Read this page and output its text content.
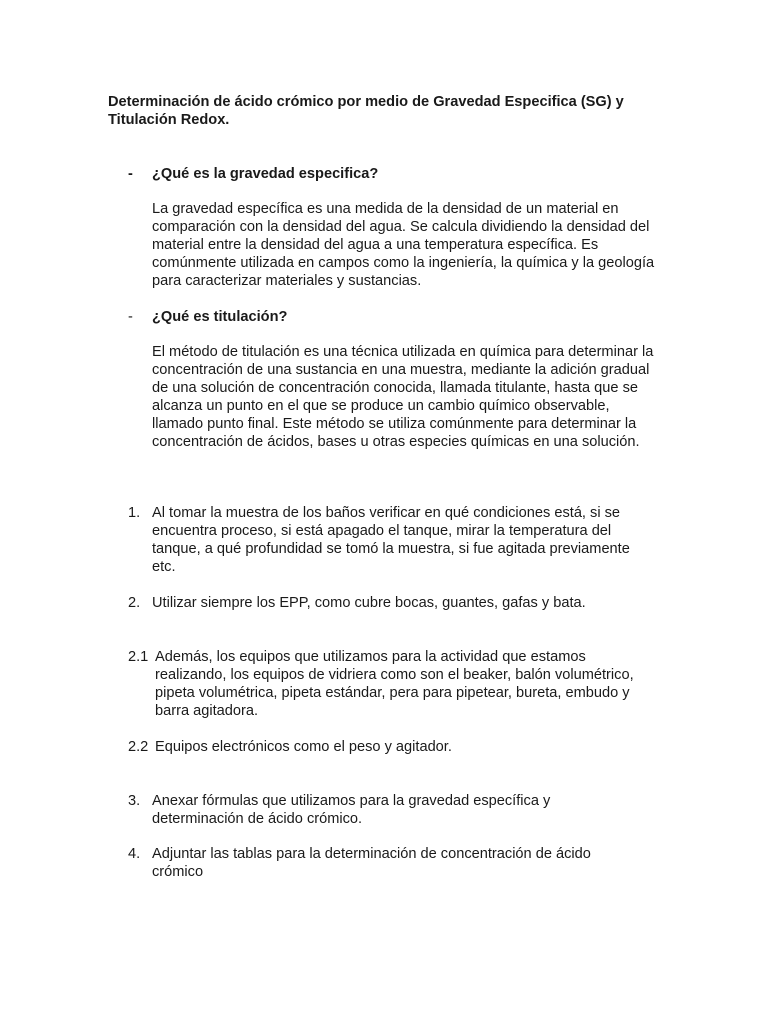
Determinación de ácido crómico por medio de Gravedad Especifica (SG) y Titulación Redox.

- ¿Qué es la gravedad especifica?

La gravedad específica es una medida de la densidad de un material en comparación con la densidad del agua. Se calcula dividiendo la densidad del material entre la densidad del agua a una temperatura específica. Es comúnmente utilizada en campos como la ingeniería, la química y la geología para caracterizar materiales y sustancias.

- ¿Qué es titulación?

El método de titulación es una técnica utilizada en química para determinar la concentración de una sustancia en una muestra, mediante la adición gradual de una solución de concentración conocida, llamada titulante, hasta que se alcanza un punto en el que se produce un cambio químico observable, llamado punto final. Este método se utiliza comúnmente para determinar la concentración de ácidos, bases u otras especies químicas en una solución.

1. Al tomar la muestra de los baños verificar en qué condiciones está, si se encuentra proceso, si está apagado el tanque, mirar la temperatura del tanque, a qué profundidad se tomó la muestra, si fue agitada previamente etc.

2. Utilizar siempre los EPP, como cubre bocas, guantes, gafas y bata.

2.1 Además, los equipos que utilizamos para la actividad que estamos realizando, los equipos de vidriera como son el beaker, balón volumétrico, pipeta volumétrica, pipeta estándar, pera para pipetear, bureta, embudo y barra agitadora.

2.2 Equipos electrónicos como el peso y agitador.

3. Anexar fórmulas que utilizamos para la gravedad específica y determinación de ácido crómico.

4. Adjuntar las tablas para la determinación de concentración de ácido crómico
